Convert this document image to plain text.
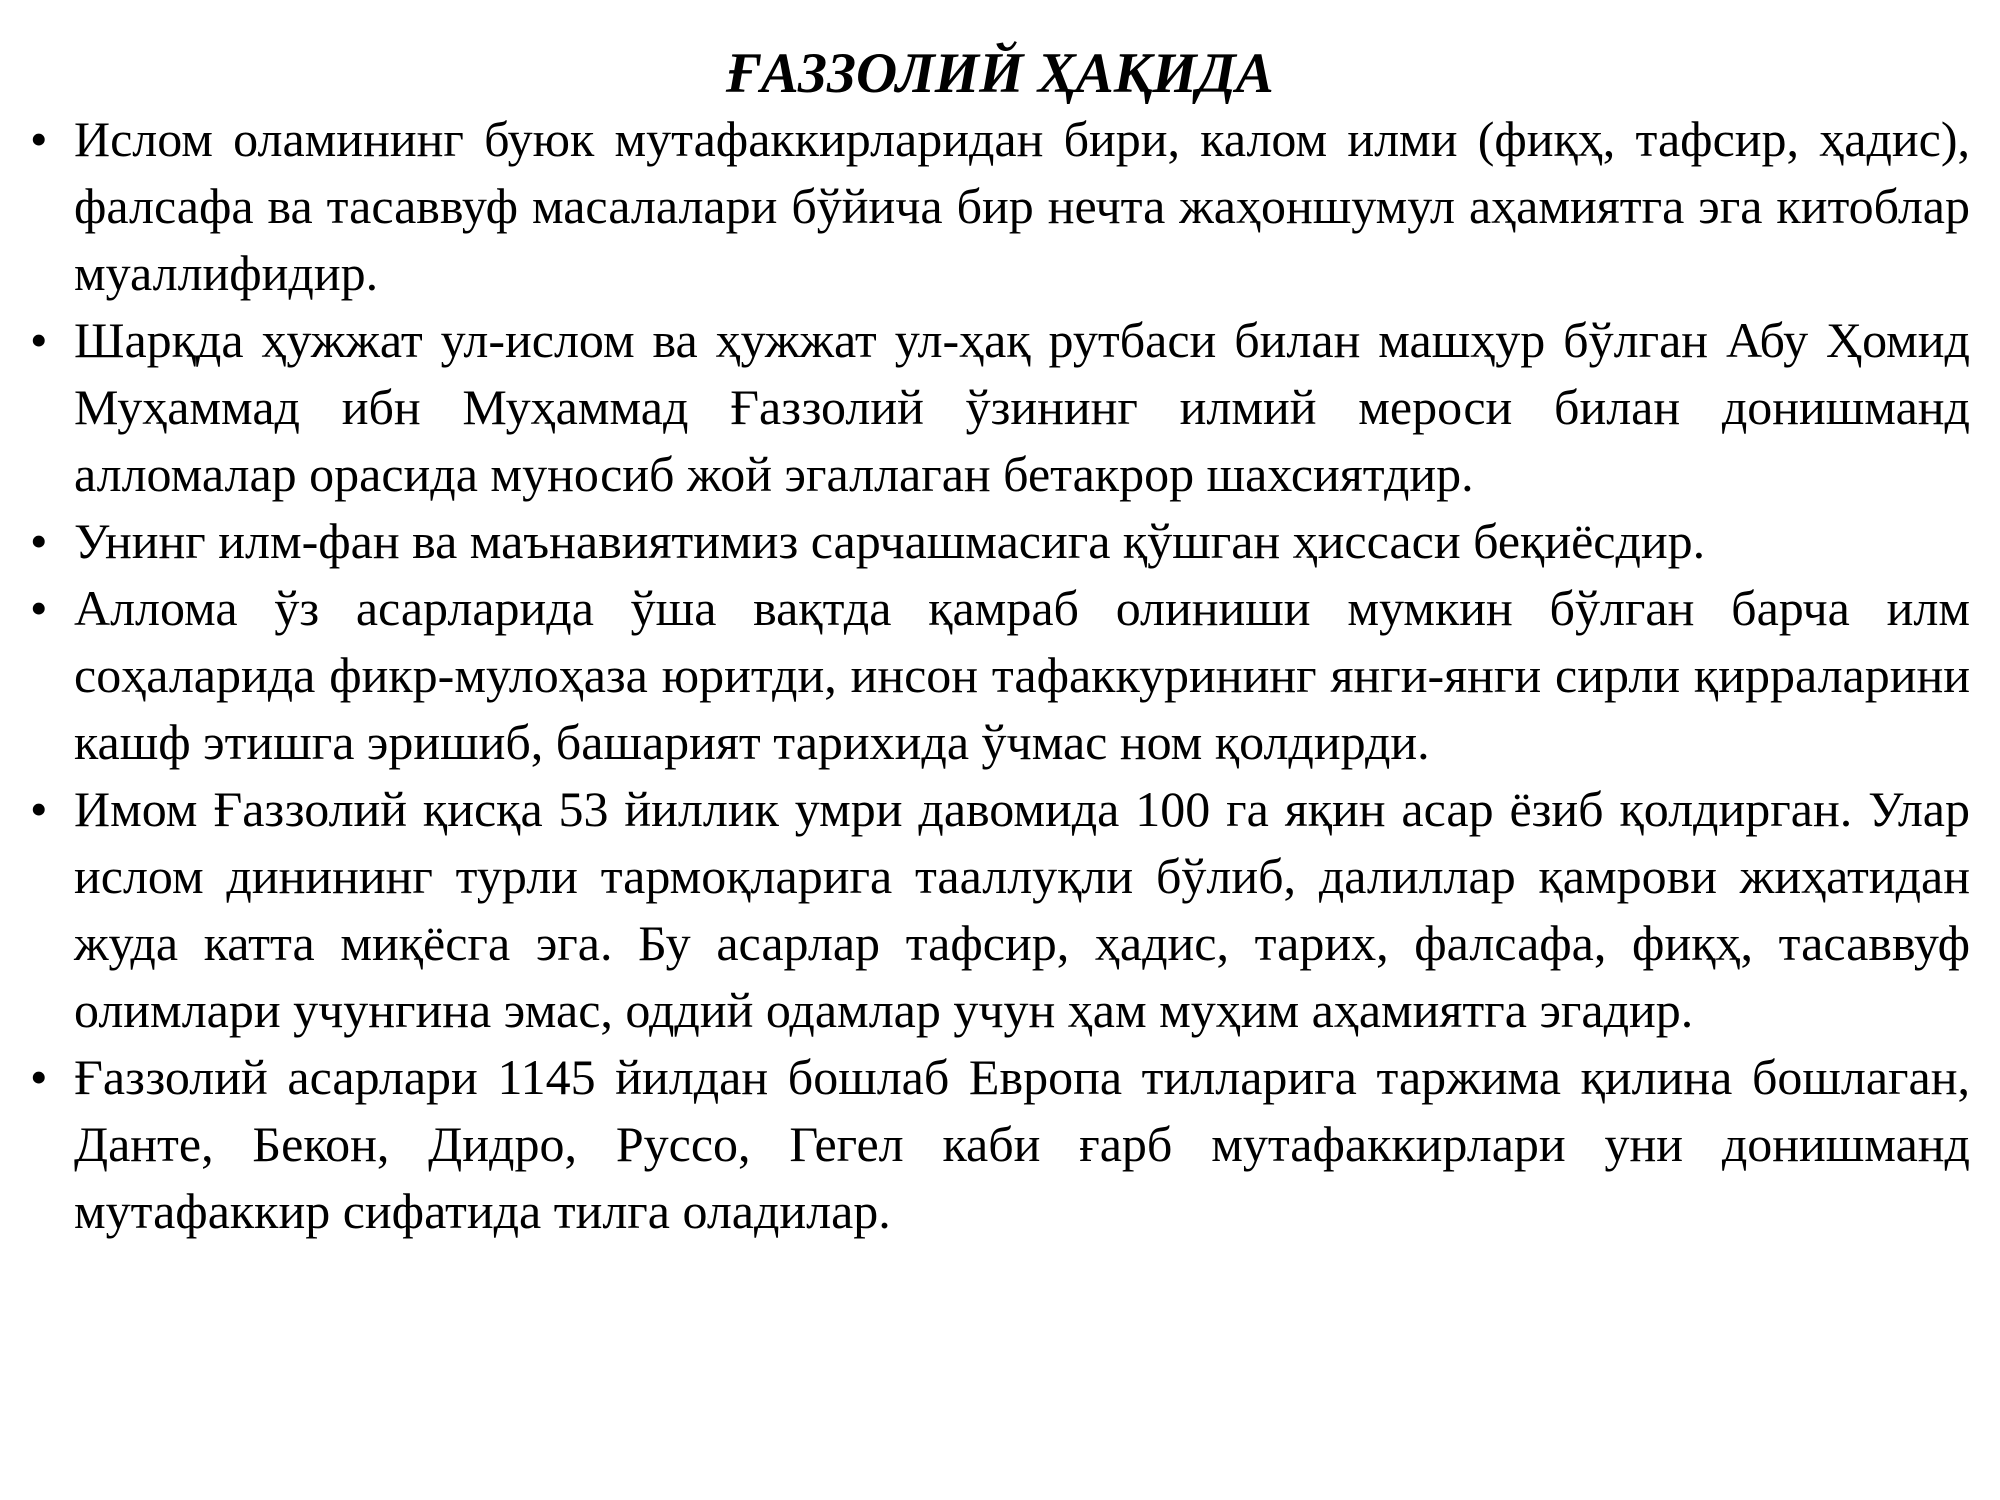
ҒАЗЗОЛИЙ ҲАҚИДА
• Ислом оламининг буюк мутафаккирларидан бири, калом илми (фиқҳ, тафсир, ҳадис), фалсафа ва тасаввуф масалалари бўйича бир нечта жаҳоншумул аҳамиятга эга китоблар муаллифидир.
• Шарқда ҳужжат ул-ислом ва ҳужжат ул-ҳақ рутбаси билан машҳур бўлган Абу Ҳомид Муҳаммад ибн Муҳаммад Ғаззолий ўзининг илмий мероси билан донишманд алломалар орасида муносиб жой эгаллаган бетакрор шахсиятдир.
• Унинг илм-фан ва маънавиятимиз сарчашмасига қўшган ҳиссаси беқиёсдир.
• Аллома ўз асарларида ўша вақтда қамраб олиниши мумкин бўлган барча илм соҳаларида фикр-мулоҳаза юритди, инсон тафаккурининг янги-янги сирли қирраларини кашф этишга эришиб, башарият тарихида ўчмас ном қолдирди.
• Имом Ғаззолий қисқа 53 йиллик умри давомида 100 га яқин асар ёзиб қолдирган. Улар ислом динининг турли тармоқларига тааллуқли бўлиб, далиллар қамрови жиҳатидан жуда катта миқёсга эга. Бу асарлар тафсир, ҳадис, тарих, фалсафа, фиқҳ, тасаввуф олимлари учунгина эмас, оддий одамлар учун ҳам муҳим аҳамиятга эгадир.
• Ғаззолий асарлари 1145 йилдан бошлаб Европа тилларига таржима қилина бошлаган, Данте, Бекон, Дидро, Руссо, Гегел каби ғарб мутафаккирлари уни донишманд мутафаккир сифатида тилга оладилар.
